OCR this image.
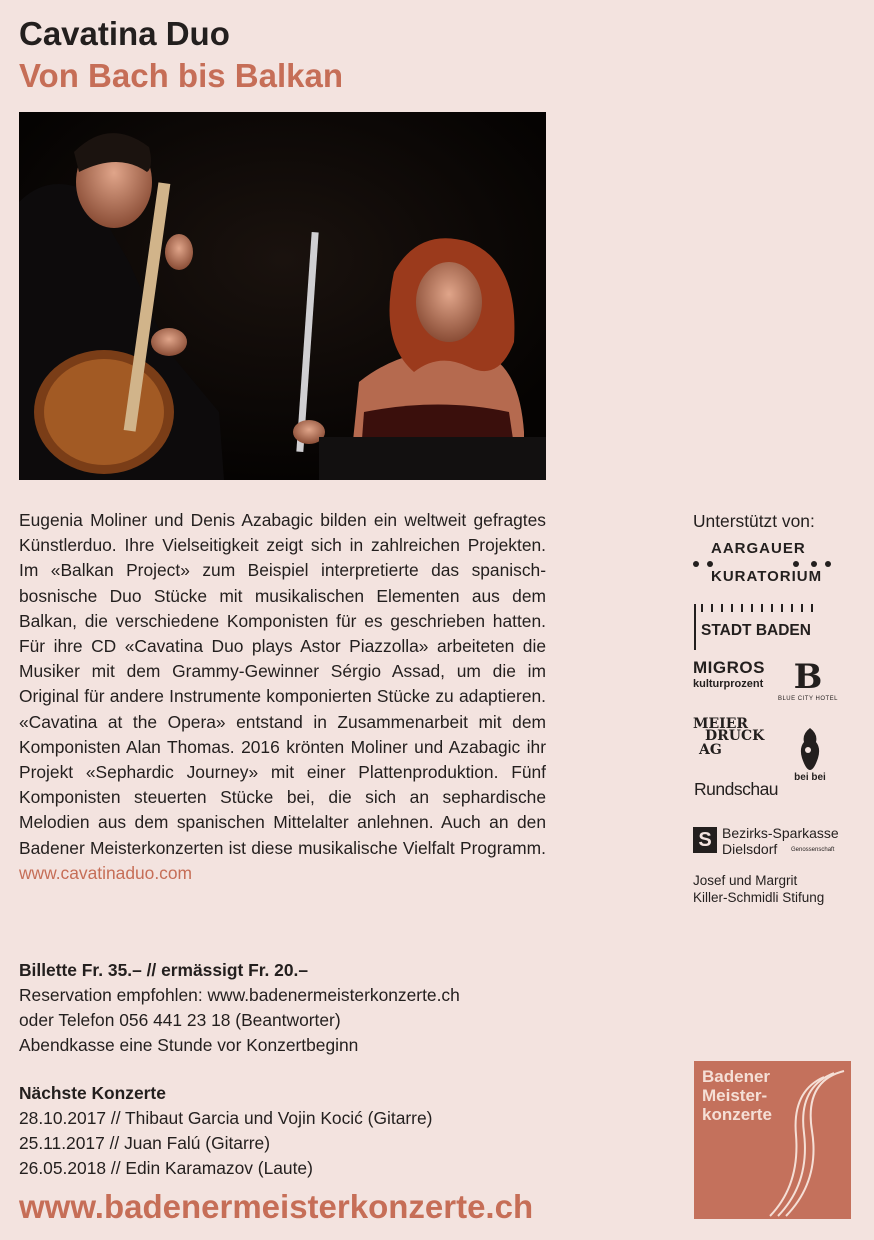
Cavatina Duo
Von Bach bis Balkan

Eugenia Moliner und Denis Azabagic bilden ein weltweit gefragtes Künstlerduo. Ihre Vielseitigkeit zeigt sich in zahlreichen Projekten. Im «Balkan Project» zum Beispiel interpretierte das spanisch-bosnische Duo Stücke mit musikalischen Elementen aus dem Balkan, die verschiedene Komponisten für es geschrieben hatten. Für ihre CD «Cavatina Duo plays Astor Piazzolla» arbeiteten die Musiker mit dem Grammy-Gewinner Sérgio Assad, um die im Original für andere Instrumente komponierten Stücke zu adaptieren. «Cavatina at the Opera» entstand in Zusammenarbeit mit dem Komponisten Alan Thomas. 2016 krönten Moliner und Azabagic ihr Projekt «Sephardic Journey» mit einer Plattenproduktion. Fünf Komponisten steuerten Stücke bei, die sich an sephardische Melodien aus dem spanischen Mittelalter anlehnen. Auch an den Badener Meisterkonzerten ist diese musikalische Vielfalt Programm. www.cavatinaduo.com

Billette Fr. 35.– // ermässigt Fr. 20.–
Reservation empfohlen: www.badenermeisterkonzerte.ch
oder Telefon 056 441 23 18 (Beantworter)
Abendkasse eine Stunde vor Konzertbeginn
Nächste Konzerte
28.10.2017 // Thibaut Garcia und Vojin Kocić (Gitarre)
25.11.2017 // Juan Falú (Gitarre)
26.05.2018 // Edin Karamazov (Laute)

www.badenermeisterkonzerte.ch

Unterstützt von:
AARGAUER
KURATORIUM
STADT BADEN
MIGROS
kulturprozent B
BLUE CITY HOTEL
MEIER
DRUCK
AG
bei bei
Rundschau
S Bezirks-Sparkasse
Dielsdorf Genossenschaft
Josef und Margrit
Killer-Schmidli Stifung
Badener
Meister-
konzerte
